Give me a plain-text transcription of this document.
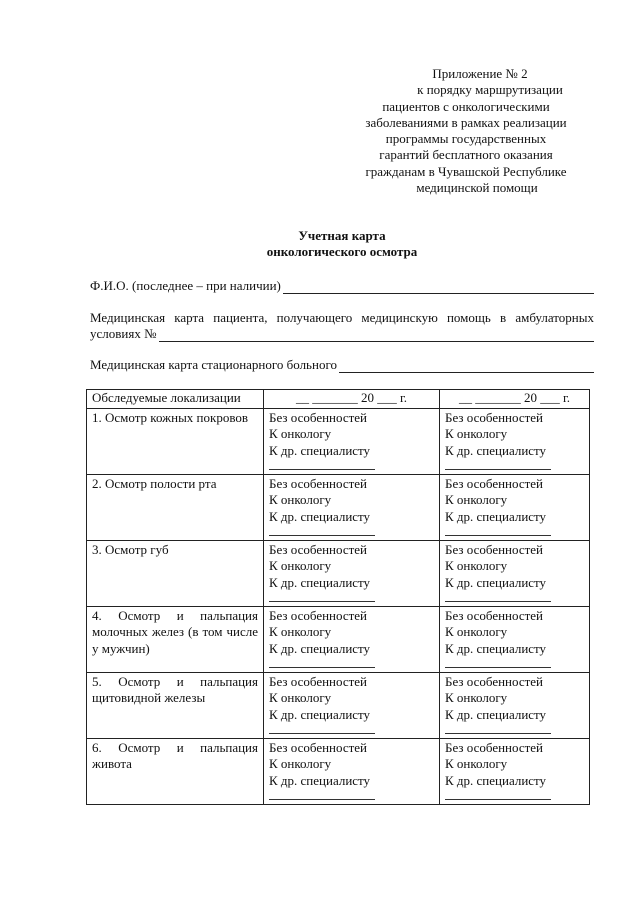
Приложение № 2
к порядку маршрутизации
пациентов с онкологическими
заболеваниями в рамках реализации
программы государственных
гарантий бесплатного оказания
гражданам в Чувашской Республике
медицинской помощи
Учетная карта
онкологического осмотра
Ф.И.О. (последнее – при наличии)
Медицинская карта пациента, получающего медицинскую помощь в амбулаторных
условиях №
Медицинская карта стационарного больного
Обследуемые локализации	__ _______ 20 ___ г.	__ _______ 20 ___ г.
1. Осмотр кожных покровов	Без особенностей
К онкологу
К др. специалисту	Без особенностей
К онкологу
К др. специалисту

2. Осмотр полости рта	Без особенностей
К онкологу
К др. специалисту	Без особенностей
К онкологу
К др. специалисту

3. Осмотр губ	Без особенностей
К онкологу
К др. специалисту	Без особенностей
К онкологу
К др. специалисту

4. Осмотр и пальпация молочных желез (в том числе у мужчин)	Без особенностей
К онкологу
К др. специалисту	Без особенностей
К онкологу
К др. специалисту

5. Осмотр и пальпация щитовидной железы	Без особенностей
К онкологу
К др. специалисту	Без особенностей
К онкологу
К др. специалисту

6. Осмотр и пальпация живота	Без особенностей
К онкологу
К др. специалисту	Без особенностей
К онкологу
К др. специалисту
